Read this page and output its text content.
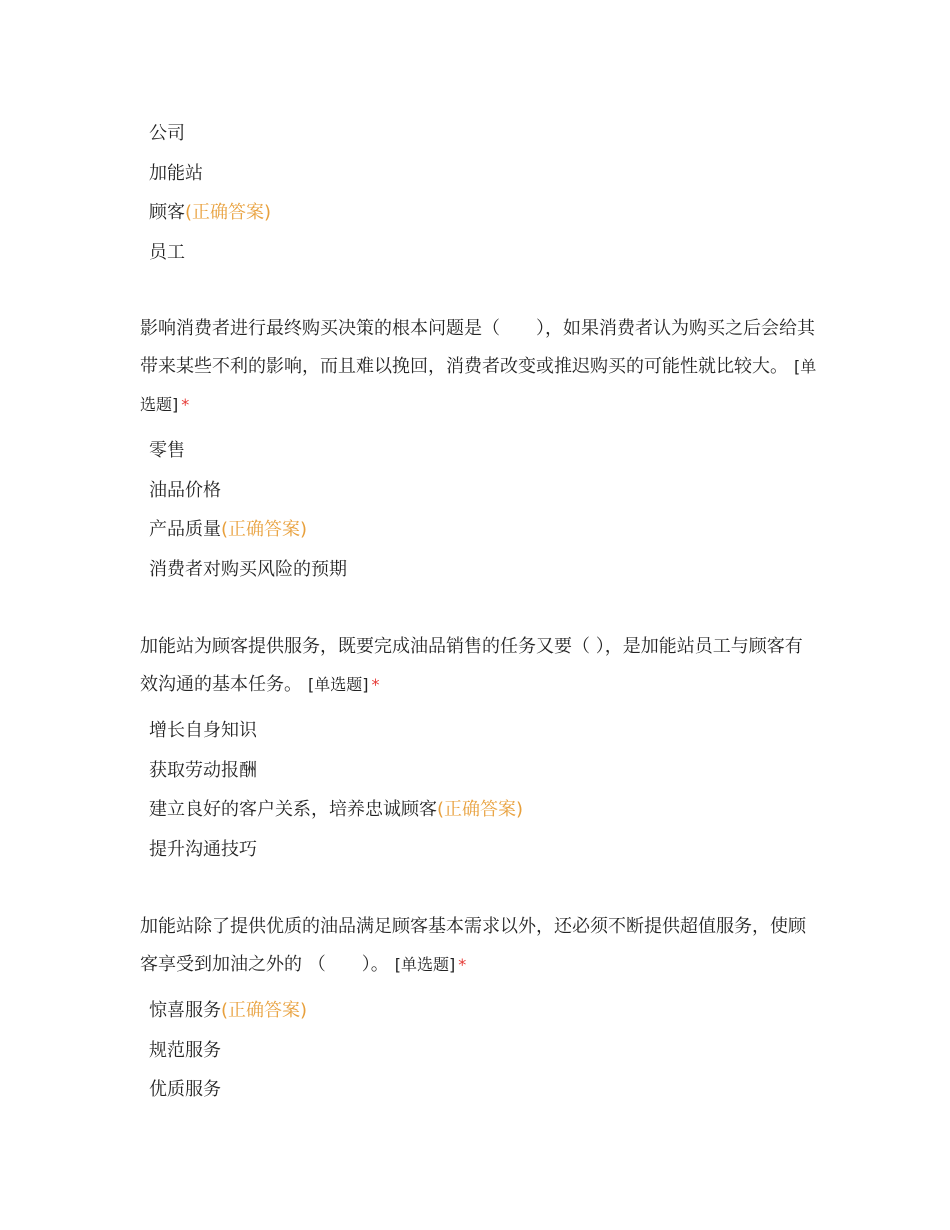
公司
加能站
顾客(正确答案)
员工
影响消费者进行最终购买决策的根本问题是（　　），如果消费者认为购买之后会给其带来某些不利的影响，而且难以挽回，消费者改变或推迟购买的可能性就比较大。 [单选题] *
零售
油品价格
产品质量(正确答案)
消费者对购买风险的预期
加能站为顾客提供服务，既要完成油品销售的任务又要（ ），是加能站员工与顾客有效沟通的基本任务。 [单选题] *
增长自身知识
获取劳动报酬
建立良好的客户关系，培养忠诚顾客(正确答案)
提升沟通技巧
加能站除了提供优质的油品满足顾客基本需求以外，还必须不断提供超值服务，使顾客享受到加油之外的 （　　）。 [单选题] *
惊喜服务(正确答案)
规范服务
优质服务
